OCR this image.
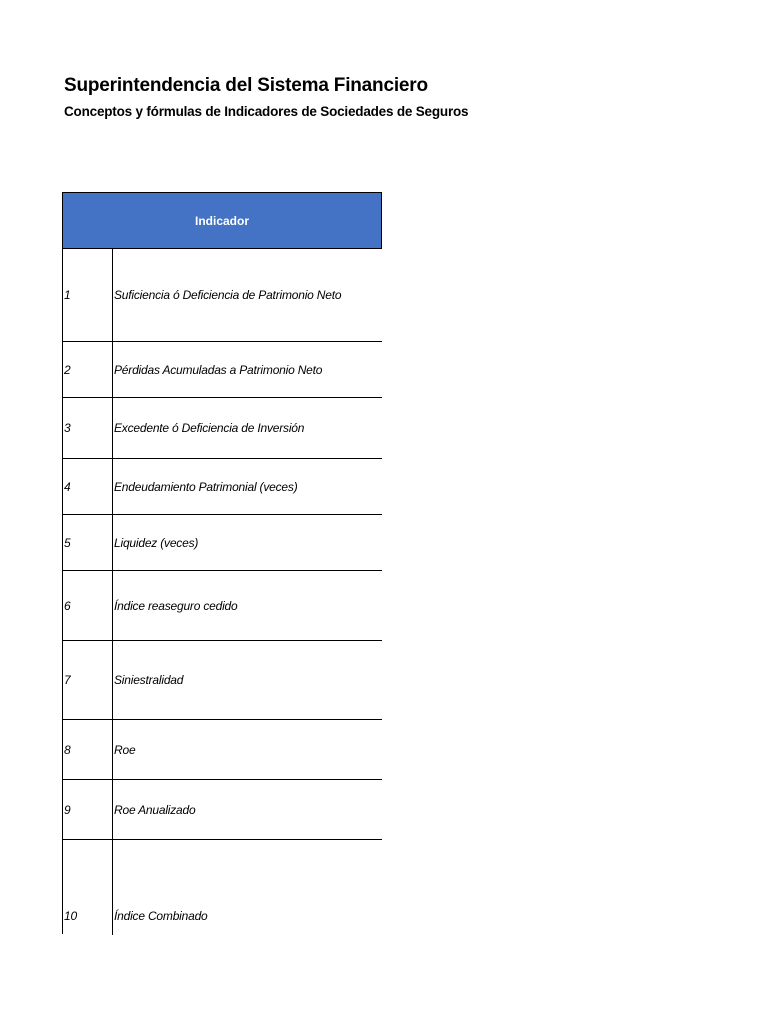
Superintendencia del Sistema Financiero
Conceptos y fórmulas de Indicadores de Sociedades de Seguros
Indicador
1	Suficiencia ó Deficiencia de Patrimonio Neto
2	Pérdidas Acumuladas a Patrimonio Neto
3	Excedente ó Deficiencia de Inversión
4	Endeudamiento Patrimonial (veces)
5	Liquidez (veces)
6	Índice reaseguro cedido
7	Siniestralidad
8	Roe
9	Roe Anualizado
10	Índice Combinado
